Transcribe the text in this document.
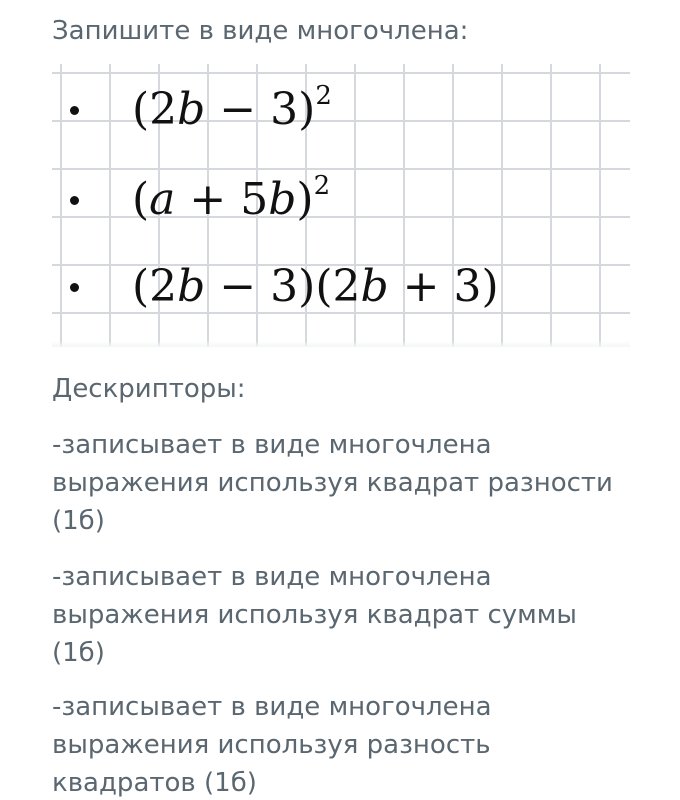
Запишите в виде многочлена:

$(2b - 3)^2$
$(a + 5b)^2$
(2b − 3)(2b + 3)

Дескрипторы:

-записывает в виде многочлена

выражения используя квадрат разности

(1б)

-записывает в виде многочлена

выражения используя квадрат суммы

(1б)

-записывает в виде многочлена

выражения используя разность

квадратов (1б)
